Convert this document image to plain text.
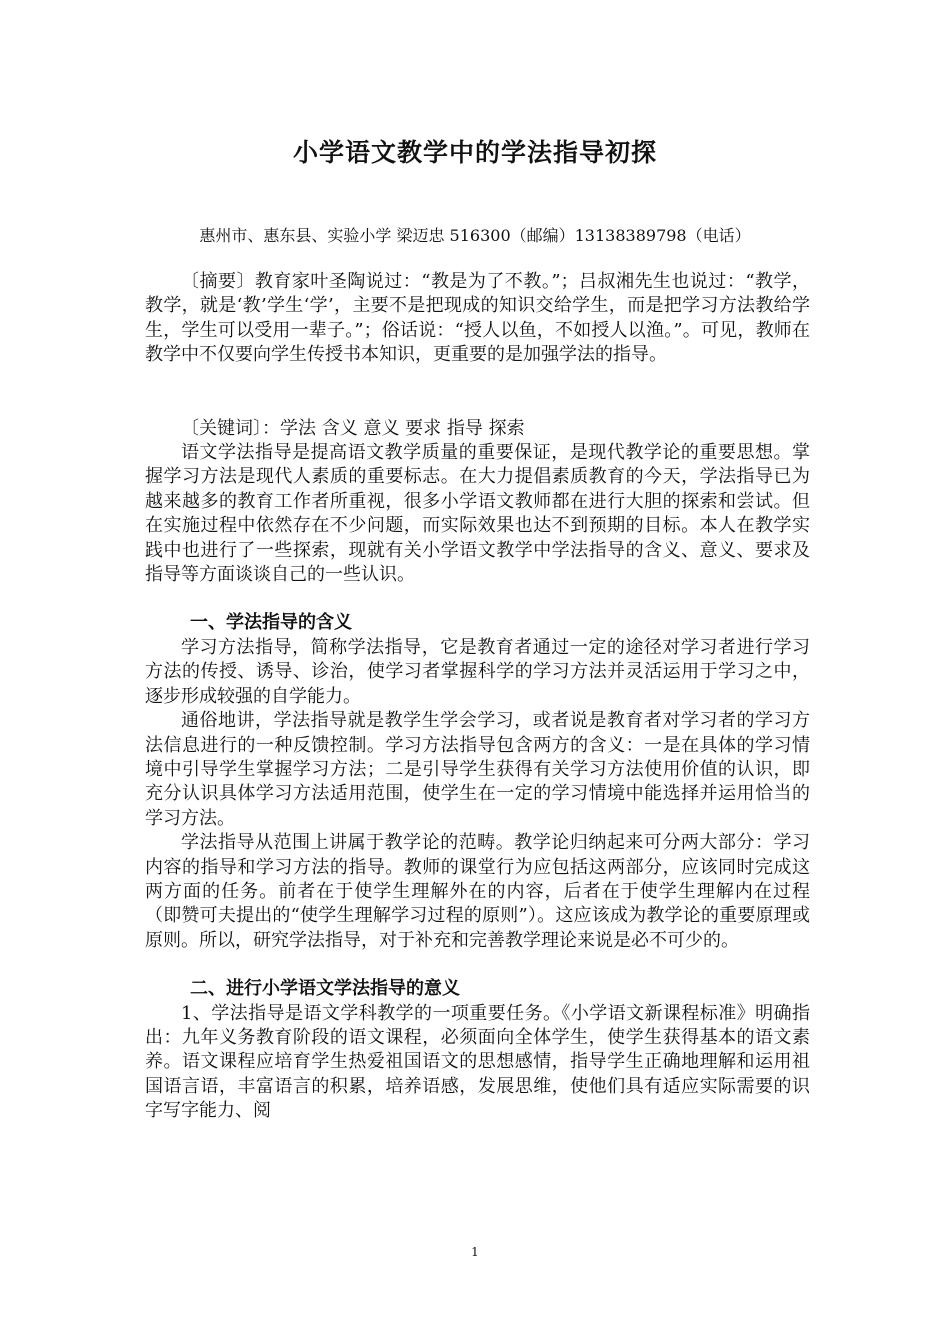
小学语文教学中的学法指导初探

惠州市、惠东县、实验小学 梁迈忠 516300（邮编）13138389798（电话）

〔摘要〕教育家叶圣陶说过：“教是为了不教。”；吕叔湘先生也说过：“教学，教学，就是‘教’学生‘学’，主要不是把现成的知识交给学生，而是把学习方法教给学生，学生可以受用一辈子。”；俗话说：“授人以鱼，不如授人以渔。”。可见，教师在教学中不仅要向学生传授书本知识，更重要的是加强学法的指导。

〔关键词〕：学法 含义 意义 要求 指导 探索

语文学法指导是提高语文教学质量的重要保证，是现代教学论的重要思想。掌握学习方法是现代人素质的重要标志。在大力提倡素质教育的今天，学法指导已为越来越多的教育工作者所重视，很多小学语文教师都在进行大胆的探索和尝试。但在实施过程中依然存在不少问题，而实际效果也达不到预期的目标。本人在教学实践中也进行了一些探索，现就有关小学语文教学中学法指导的含义、意义、要求及指导等方面谈谈自己的一些认识。

一、学法指导的含义

学习方法指导，简称学法指导，它是教育者通过一定的途径对学习者进行学习方法的传授、诱导、诊治，使学习者掌握科学的学习方法并灵活运用于学习之中，逐步形成较强的自学能力。

通俗地讲，学法指导就是教学生学会学习，或者说是教育者对学习者的学习方法信息进行的一种反馈控制。学习方法指导包含两方的含义：一是在具体的学习情境中引导学生掌握学习方法；二是引导学生获得有关学习方法使用价值的认识，即充分认识具体学习方法适用范围，使学生在一定的学习情境中能选择并运用恰当的学习方法。

学法指导从范围上讲属于教学论的范畴。教学论归纳起来可分两大部分：学习内容的指导和学习方法的指导。教师的课堂行为应包括这两部分，应该同时完成这两方面的任务。前者在于使学生理解外在的内容，后者在于使学生理解内在过程（即赞可夫提出的“使学生理解学习过程的原则”）。这应该成为教学论的重要原理或原则。所以，研究学法指导，对于补充和完善教学理论来说是必不可少的。

二、进行小学语文学法指导的意义

1、学法指导是语文学科教学的一项重要任务。《小学语文新课程标准》明确指出：九年义务教育阶段的语文课程，必须面向全体学生，使学生获得基本的语文素养。语文课程应培育学生热爱祖国语文的思想感情，指导学生正确地理解和运用祖国语言语，丰富语言的积累，培养语感，发展思维，使他们具有适应实际需要的识字写字能力、阅

1
